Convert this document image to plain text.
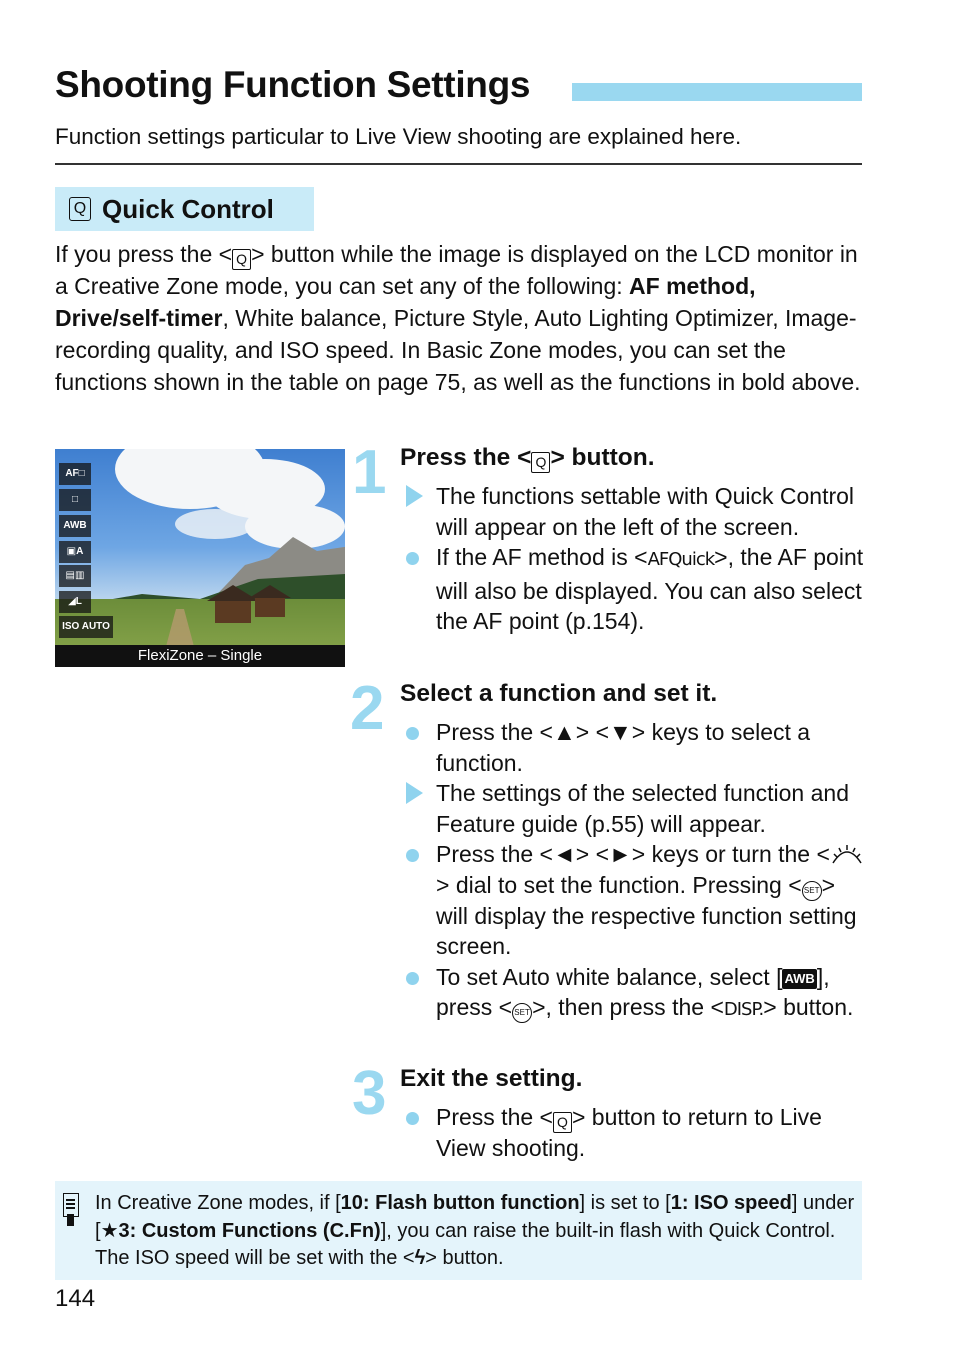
Shooting Function Settings
Function settings particular to Live View shooting are explained here.
Q Quick Control

If you press the < Q > button while the image is displayed on the LCD monitor in a Creative Zone mode, you can set any of the following: AF method, Drive/self-timer, White balance, Picture Style, Auto Lighting Optimizer, Image-recording quality, and ISO speed. In Basic Zone modes, you can set the functions shown in the table on page 75, as well as the functions in bold above.

AF□
□
AWB
▣A
▤▥
◢L
ISO AUTO
FlexiZone – Single
1 Press the < Q > button.
The functions settable with Quick Control will appear on the left of the screen.
If the AF method is <AFQuick>, the AF point will also be displayed. You can also select the AF point (p.154).
2 Select a function and set it.
Press the <▲> <▼> keys to select a function.
The settings of the selected function and Feature guide (p.55) will appear.
Press the <◄> <►> keys or turn the <> dial to set the function. Pressing < SET> will display the respective function setting screen.
To set Auto white balance, select [ AWB], press < SET>, then press the <DISP.> button.
3 Exit the setting.
Press the < Q > button to return to Live View shooting.

In Creative Zone modes, if [10: Flash button function] is set to [1: ISO speed] under [★3: Custom Functions (C.Fn)], you can raise the built-in flash with Quick Control. The ISO speed will be set with the <ϟ> button.

144
